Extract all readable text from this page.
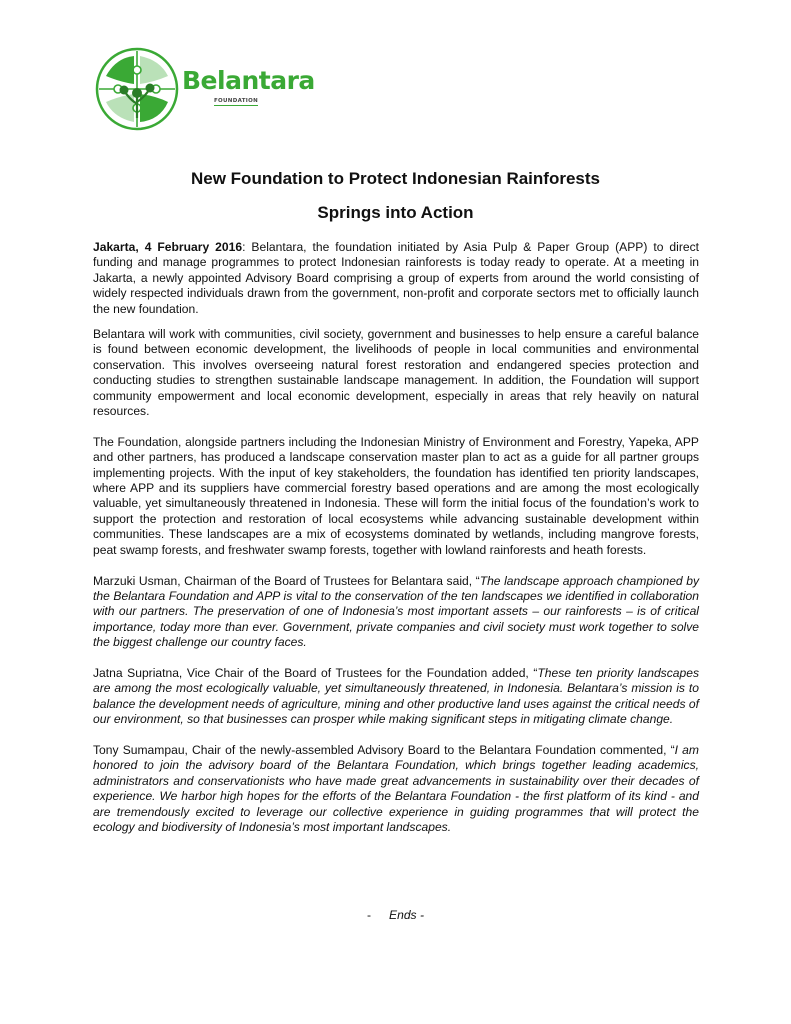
Belantara
FOUNDATION
New Foundation to Protect Indonesian Rainforests
Springs into Action

Jakarta, 4 February 2016: Belantara, the foundation initiated by Asia Pulp & Paper Group (APP) to direct funding and manage programmes to protect Indonesian rainforests is today ready to operate. At a meeting in Jakarta, a newly appointed Advisory Board comprising a group of experts from around the world consisting of widely respected individuals drawn from the government, non-profit and corporate sectors met to officially launch the new foundation.

Belantara will work with communities, civil society, government and businesses to help ensure a careful balance is found between economic development, the livelihoods of people in local communities and environmental conservation. This involves overseeing natural forest restoration and endangered species protection and conducting studies to strengthen sustainable landscape management. In addition, the Foundation will support community empowerment and local economic development, especially in areas that rely heavily on natural resources.

The Foundation, alongside partners including the Indonesian Ministry of Environment and Forestry, Yapeka, APP and other partners, has produced a landscape conservation master plan to act as a guide for all partner groups implementing projects. With the input of key stakeholders, the foundation has identified ten priority landscapes, where APP and its suppliers have commercial forestry based operations and are among the most ecologically valuable, yet simultaneously threatened in Indonesia. These will form the initial focus of the foundation’s work to support the protection and restoration of local ecosystems while advancing sustainable development within communities. These landscapes are a mix of ecosystems dominated by wetlands, including mangrove forests, peat swamp forests, and freshwater swamp forests, together with lowland rainforests and heath forests.

Marzuki Usman, Chairman of the Board of Trustees for Belantara said, “The landscape approach championed by the Belantara Foundation and APP is vital to the conservation of the ten landscapes we identified in collaboration with our partners. The preservation of one of Indonesia’s most important assets – our rainforests – is of critical importance, today more than ever. Government, private companies and civil society must work together to solve the biggest challenge our country faces.

Jatna Supriatna, Vice Chair of the Board of Trustees for the Foundation added, “These ten priority landscapes are among the most ecologically valuable, yet simultaneously threatened, in Indonesia. Belantara’s mission is to balance the development needs of agriculture, mining and other productive land uses against the critical needs of our environment, so that businesses can prosper while making significant steps in mitigating climate change.

Tony Sumampau, Chair of the newly-assembled Advisory Board to the Belantara Foundation commented, “I am honored to join the advisory board of the Belantara Foundation, which brings together leading academics, administrators and conservationists who have made great advancements in sustainability over their decades of experience. We harbor high hopes for the efforts of the Belantara Foundation - the first platform of its kind - and are tremendously excited to leverage our collective experience in guiding programmes that will protect the ecology and biodiversity of Indonesia’s most important landscapes.

- Ends -
